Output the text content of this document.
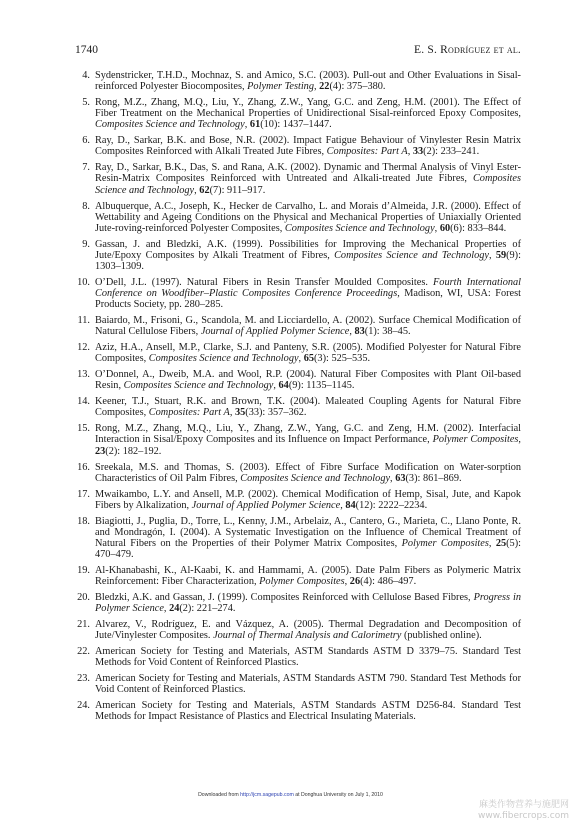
1740	E. S. Rodríguez et al.
4. Sydenstricker, T.H.D., Mochnaz, S. and Amico, S.C. (2003). Pull-out and Other Evaluations in Sisal-reinforced Polyester Biocomposites, Polymer Testing, 22(4): 375–380.
5. Rong, M.Z., Zhang, M.Q., Liu, Y., Zhang, Z.W., Yang, G.C. and Zeng, H.M. (2001). The Effect of Fiber Treatment on the Mechanical Properties of Unidirectional Sisal-reinforced Epoxy Composites, Composites Science and Technology, 61(10): 1437–1447.
6. Ray, D., Sarkar, B.K. and Bose, N.R. (2002). Impact Fatigue Behaviour of Vinylester Resin Matrix Composites Reinforced with Alkali Treated Jute Fibres, Composites: Part A, 33(2): 233–241.
7. Ray, D., Sarkar, B.K., Das, S. and Rana, A.K. (2002). Dynamic and Thermal Analysis of Vinyl Ester-Resin-Matrix Composites Reinforced with Untreated and Alkali-treated Jute Fibres, Composites Science and Technology, 62(7): 911–917.
8. Albuquerque, A.C., Joseph, K., Hecker de Carvalho, L. and Morais d’Almeida, J.R. (2000). Effect of Wettability and Ageing Conditions on the Physical and Mechanical Properties of Uniaxially Oriented Jute-roving-reinforced Polyester Composites, Composites Science and Technology, 60(6): 833–844.
9. Gassan, J. and Bledzki, A.K. (1999). Possibilities for Improving the Mechanical Properties of Jute/Epoxy Composites by Alkali Treatment of Fibres, Composites Science and Technology, 59(9): 1303–1309.
10. O’Dell, J.L. (1997). Natural Fibers in Resin Transfer Moulded Composites. Fourth International Conference on Woodfiber–Plastic Composites Conference Proceedings, Madison, WI, USA: Forest Products Society, pp. 280–285.
11. Baiardo, M., Frisoni, G., Scandola, M. and Licciardello, A. (2002). Surface Chemical Modification of Natural Cellulose Fibers, Journal of Applied Polymer Science, 83(1): 38–45.
12. Aziz, H.A., Ansell, M.P., Clarke, S.J. and Panteny, S.R. (2005). Modified Polyester for Natural Fibre Composites, Composites Science and Technology, 65(3): 525–535.
13. O’Donnel, A., Dweib, M.A. and Wool, R.P. (2004). Natural Fiber Composites with Plant Oil-based Resin, Composites Science and Technology, 64(9): 1135–1145.
14. Keener, T.J., Stuart, R.K. and Brown, T.K. (2004). Maleated Coupling Agents for Natural Fibre Composites, Composites: Part A, 35(33): 357–362.
15. Rong, M.Z., Zhang, M.Q., Liu, Y., Zhang, Z.W., Yang, G.C. and Zeng, H.M. (2002). Interfacial Interaction in Sisal/Epoxy Composites and its Influence on Impact Performance, Polymer Composites, 23(2): 182–192.
16. Sreekala, M.S. and Thomas, S. (2003). Effect of Fibre Surface Modification on Water-sorption Characteristics of Oil Palm Fibres, Composites Science and Technology, 63(3): 861–869.
17. Mwaikambo, L.Y. and Ansell, M.P. (2002). Chemical Modification of Hemp, Sisal, Jute, and Kapok Fibers by Alkalization, Journal of Applied Polymer Science, 84(12): 2222–2234.
18. Biagiotti, J., Puglia, D., Torre, L., Kenny, J.M., Arbelaiz, A., Cantero, G., Marieta, C., Llano Ponte, R. and Mondragón, I. (2004). A Systematic Investigation on the Influence of Chemical Treatment of Natural Fibers on the Properties of their Polymer Matrix Composites, Polymer Composites, 25(5): 470–479.
19. Al-Khanabashi, K., Al-Kaabi, K. and Hammami, A. (2005). Date Palm Fibers as Polymeric Matrix Reinforcement: Fiber Characterization, Polymer Composites, 26(4): 486–497.
20. Bledzki, A.K. and Gassan, J. (1999). Composites Reinforced with Cellulose Based Fibres, Progress in Polymer Science, 24(2): 221–274.
21. Alvarez, V., Rodríguez, E. and Vázquez, A. (2005). Thermal Degradation and Decomposition of Jute/Vinylester Composites. Journal of Thermal Analysis and Calorimetry (published online).
22. American Society for Testing and Materials, ASTM Standards ASTM D 3379–75. Standard Test Methods for Void Content of Reinforced Plastics.
23. American Society for Testing and Materials, ASTM Standards ASTM 790. Standard Test Methods for Void Content of Reinforced Plastics.
24. American Society for Testing and Materials, ASTM Standards ASTM D256-84. Standard Test Methods for Impact Resistance of Plastics and Electrical Insulating Materials.
Downloaded from http://jcm.sagepub.com at Donghua University on July 1, 2010
麻类作物营养与施肥网
www.fibercrops.com
